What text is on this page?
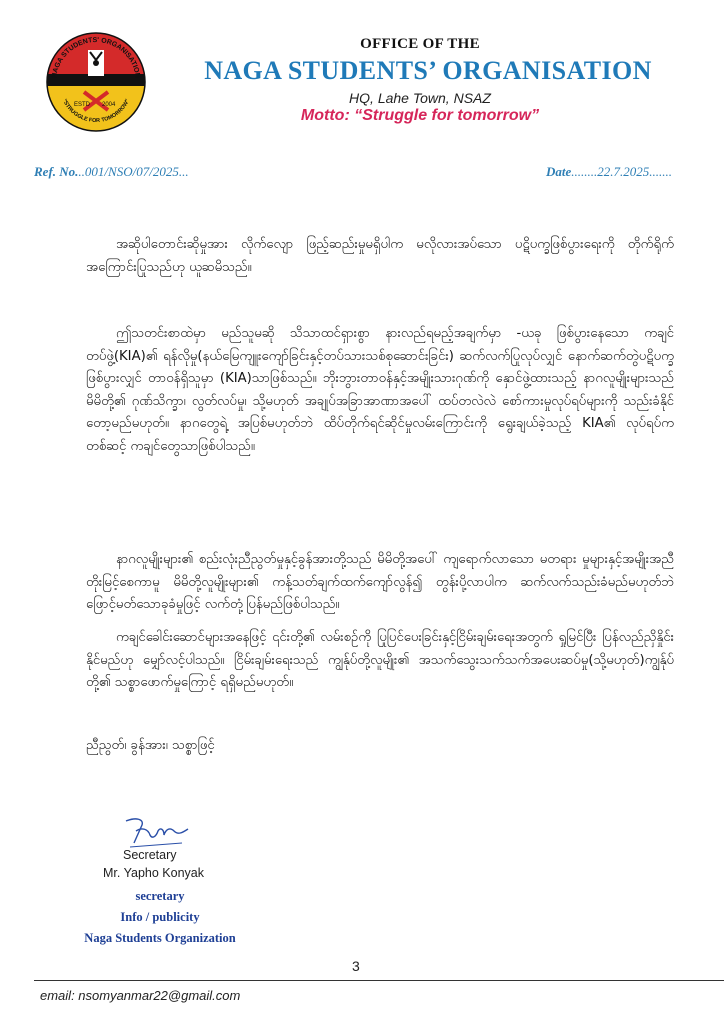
NAGA STUDENTS' ORGANISATION
ESTD 2004
"STRUGGLE FOR TOMORROW"
OFFICE OF THE
NAGA STUDENTS’ ORGANISATION
HQ, Lahe Town, NSAZ
Motto: “Struggle for tomorrow”
Ref. No...001/NSO/07/2025...	Date........22.7.2025.......
အဆိုပါတောင်းဆိုမှုအား လိုက်လျော ဖြည့်ဆည်းမှုမရှိပါက မလိုလားအပ်သော ပဋိပက္ခဖြစ်ပွားရေးကို တိုက်ရိုက်အကြောင်းပြုသည်ဟု ယူဆမိသည်။
ဤသတင်းစာထဲမှာ မည်သူမဆို သိသာထင်ရှားစွာ နားလည်ရမည့်အချက်မှာ -ယခု ဖြစ်ပွားနေသော ကချင်တပ်ဖွဲ့(KIA)၏ ရန်လိုမှု(နယ်မြေကျူးကျော်ခြင်းနှင့်တပ်သားသစ်စုဆောင်းခြင်း) ဆက်လက်ပြုလုပ်လျှင် နောက်ဆက်တွဲပဋိပက္ခဖြစ်ပွားလျှင် တာဝန်ရှိသူမှာ (KIA)သာဖြစ်သည်။ ဘိုးဘွားတာဝန်နှင့်အမျိုးသားဂုဏ်ကို နှောင်ဖွဲ့ထားသည့် နာဂလူမျိုးများသည် မိမိတို့၏ ဂုဏ်သိက္ခာ၊ လွတ်လပ်မှု၊ သို့မဟုတ် အချုပ်အခြာအာဏာအပေါ် ထပ်တလဲလဲ စော်ကားမှုလုပ်ရပ်များကို သည်းခံနိုင်တော့မည်မဟုတ်။ နာဂတွေရဲ့ အပြစ်မဟုတ်ဘဲ ထိပ်တိုက်ရင်ဆိုင်မှုလမ်းကြောင်းကို ရွေးချယ်ခဲ့သည့် KIA၏ လုပ်ရပ်ကတစ်ဆင့် ကချင်တွေသာဖြစ်ပါသည်။
နာဂလူမျိုးများ၏ စည်းလုံးညီညွတ်မှုနှင့်ခွန်အားတို့သည် မိမိတို့အပေါ် ကျရောက်လာသော မတရား မှုများနှင့်အမျိုးအညီ တိုးမြင့်စေကာမူ မိမိတို့လူမျိုးများ၏ ကန့်သတ်ချက်ထက်ကျော်လွန်၍ တွန်းပို့လာပါက ဆက်လက်သည်းခံမည်မဟုတ်ဘဲ ဖြောင့်မတ်သောခုခံမှုဖြင့် လက်တုံ့ပြန်မည်ဖြစ်ပါသည်။
ကချင်ခေါင်းဆောင်များအနေဖြင့် ၎င်းတို့၏ လမ်းစဉ်ကို ပြုပြင်ပေးခြင်းနှင့်ငြိမ်းချမ်းရေးအတွက် ရှုမြင်ပြီး ပြန်လည်ညှိနှိုင်းနိုင်မည်ဟု မျှော်လင့်ပါသည်။ ငြိမ်းချမ်းရေးသည် ကျွန်ုပ်တို့လူမျိုး၏ အသက်သွေးသက်သက်အပေးဆပ်မှု(သို့မဟုတ်)ကျွန်ုပ်တို့၏ သစ္စာဖောက်မှုကြောင့် ရရှိမည်မဟုတ်။
ညီညွတ်၊ ခွန်အား၊ သစ္စာဖြင့်
Secretary
Mr. Yapho Konyak
secretary
Info / publicity
Naga Students Organization
3
email: nsomyanmar22@gmail.com
